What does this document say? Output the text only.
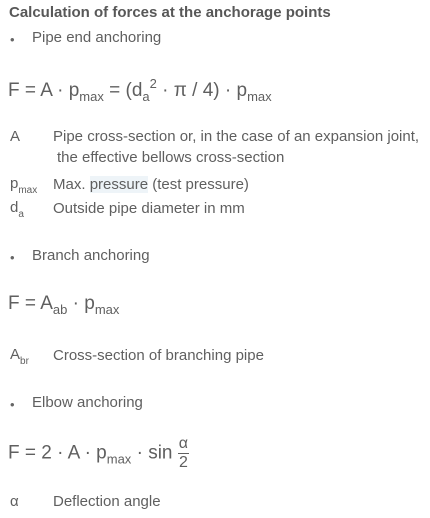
Calculation of forces at the anchorage points
• Pipe end anchoring
$F = A \cdot p_{max} = (d_a^2 \cdot \pi / 4) \cdot p_{max}$
A Pipe cross-section or, in the case of an expansion joint,
the effective bellows cross-section
$p_{max}$ Max. pressure (test pressure)
$d_a$ Outside pipe diameter in mm
• Branch anchoring
$F = A_{ab} \cdot p_{max}$
$A_{br}$ Cross-section of branching pipe
• Elbow anchoring
$F = 2 \cdot A \cdot p_{max} \cdot \sin \frac{\alpha}{2}$
α Deflection angle
